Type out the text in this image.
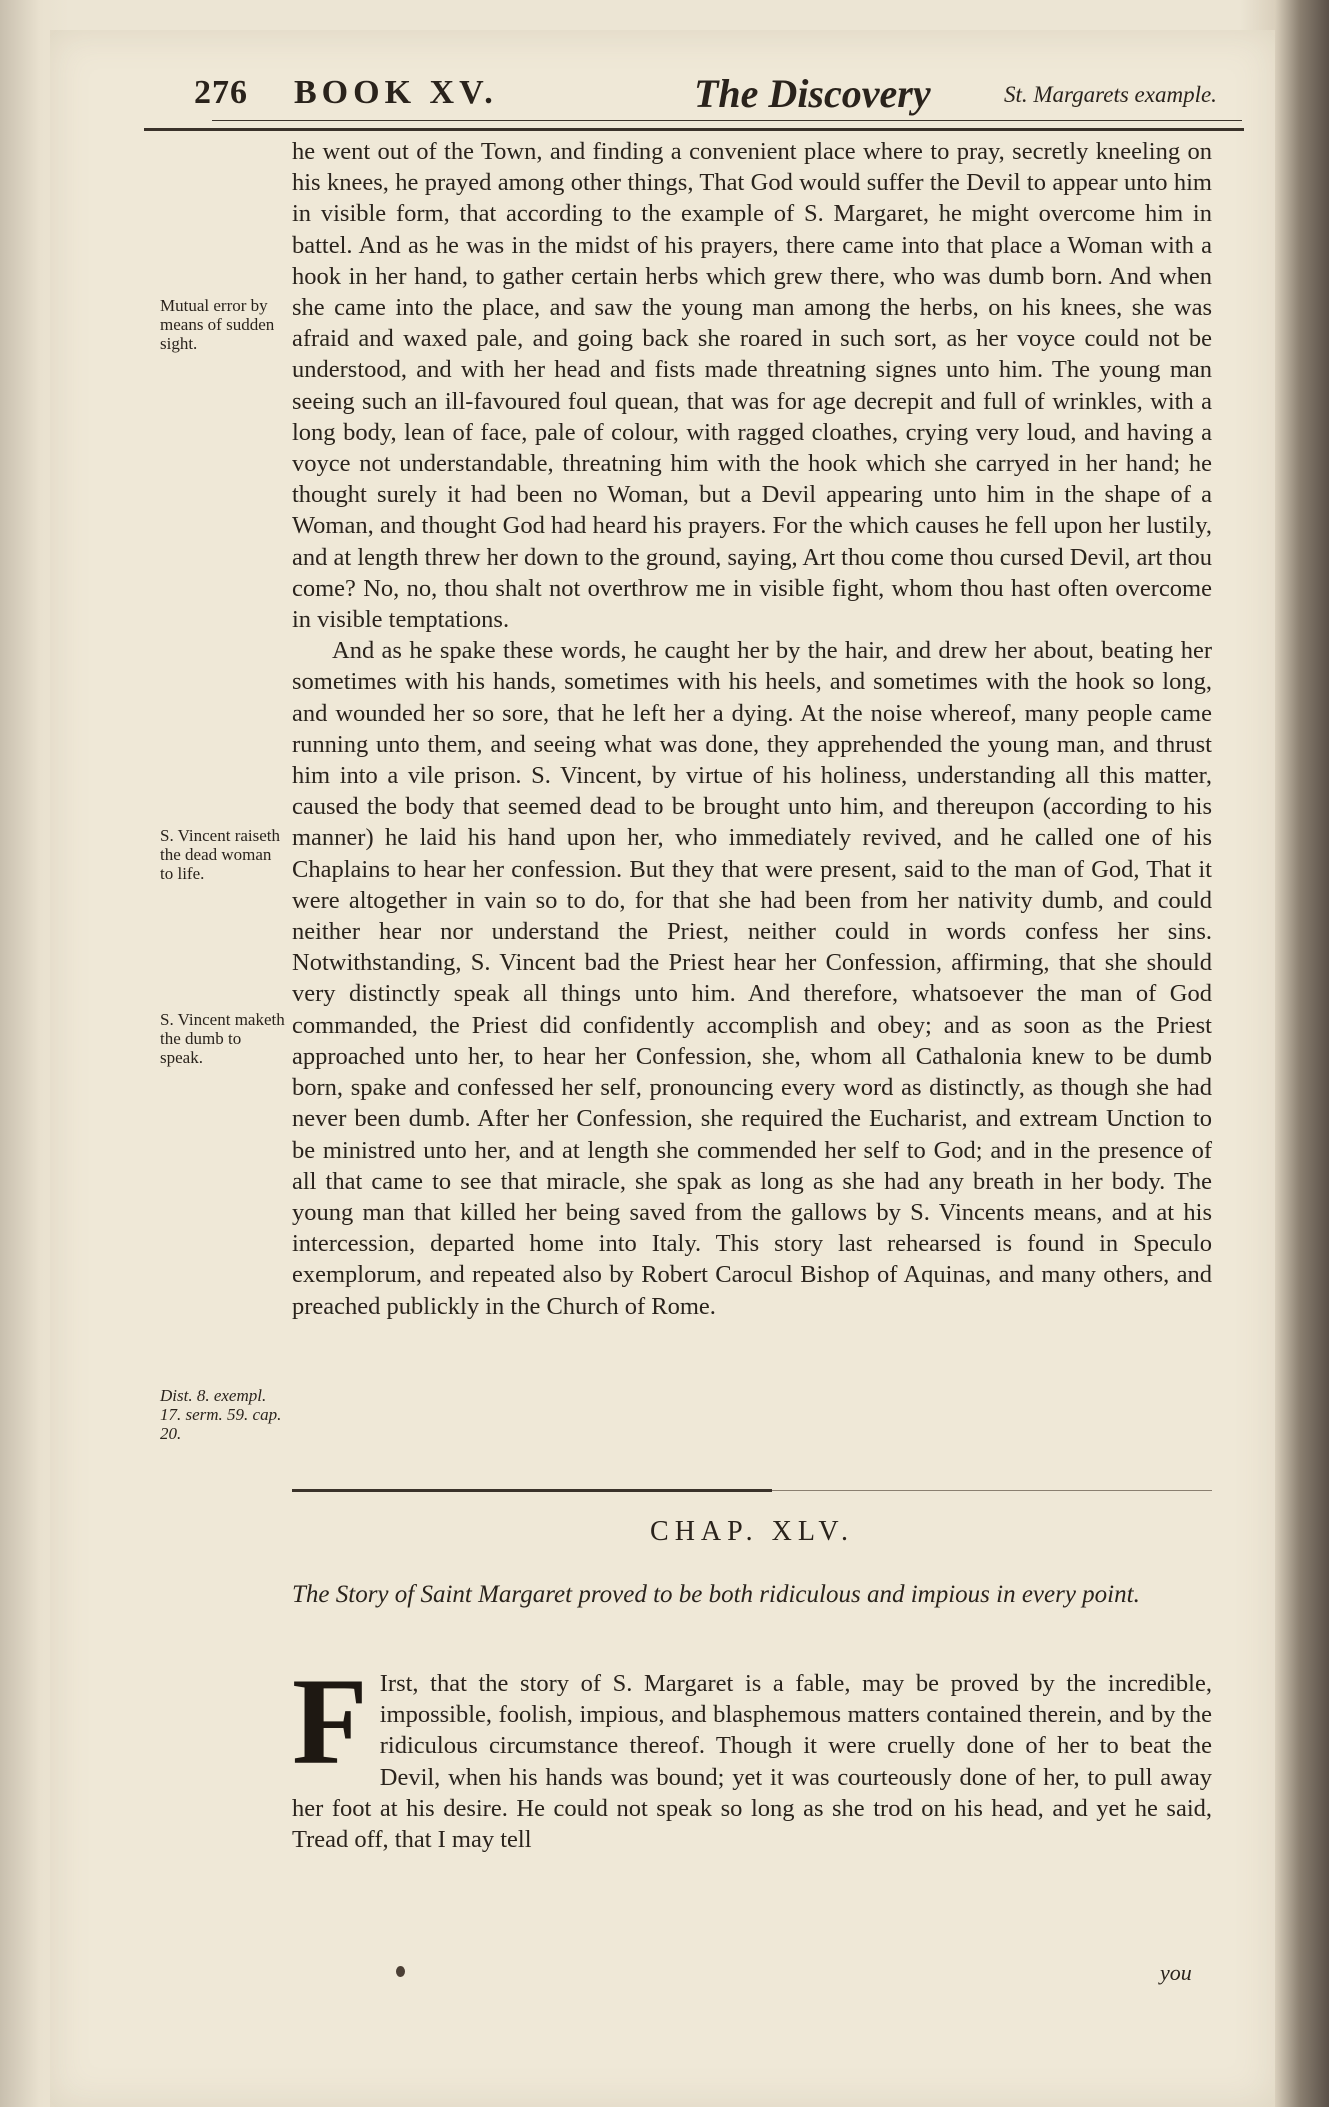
276 BOOK XV.	The Discovery	St. Margarets example.
Mutual error by means of sudden sight.
S. Vincent raiseth the dead woman to life.
S. Vincent maketh the dumb to speak.
Dist. 8. exempl. 17. serm. 59. cap. 20.

he went out of the Town, and finding a convenient place where to pray, secretly kneeling on his knees, he prayed among other things, That God would suffer the Devil to appear unto him in visible form, that according to the example of S. Margaret, he might overcome him in battel. And as he was in the midst of his prayers, there came into that place a Woman with a hook in her hand, to gather certain herbs which grew there, who was dumb born. And when she came into the place, and saw the young man among the herbs, on his knees, she was afraid and waxed pale, and going back she roared in such sort, as her voyce could not be understood, and with her head and fists made threatning signes unto him. The young man seeing such an ill-favoured foul quean, that was for age decrepit and full of wrinkles, with a long body, lean of face, pale of colour, with ragged cloathes, crying very loud, and having a voyce not understandable, threatning him with the hook which she carryed in her hand; he thought surely it had been no Woman, but a Devil appearing unto him in the shape of a Woman, and thought God had heard his prayers. For the which causes he fell upon her lustily, and at length threw her down to the ground, saying, Art thou come thou cursed Devil, art thou come? No, no, thou shalt not overthrow me in visible fight, whom thou hast often overcome in visible temptations.

And as he spake these words, he caught her by the hair, and drew her about, beating her sometimes with his hands, sometimes with his heels, and sometimes with the hook so long, and wounded her so sore, that he left her a dying. At the noise whereof, many people came running unto them, and seeing what was done, they apprehended the young man, and thrust him into a vile prison. S. Vincent, by virtue of his holiness, understanding all this matter, caused the body that seemed dead to be brought unto him, and thereupon (according to his manner) he laid his hand upon her, who immediately revived, and he called one of his Chaplains to hear her confession. But they that were present, said to the man of God, That it were altogether in vain so to do, for that she had been from her nativity dumb, and could neither hear nor understand the Priest, neither could in words confess her sins. Notwithstanding, S. Vincent bad the Priest hear her Confession, affirming, that she should very distinctly speak all things unto him. And therefore, whatsoever the man of God commanded, the Priest did confidently accomplish and obey; and as soon as the Priest approached unto her, to hear her Confession, she, whom all Cathalonia knew to be dumb born, spake and confessed her self, pronouncing every word as distinctly, as though she had never been dumb. After her Confession, she required the Eucharist, and extream Unction to be ministred unto her, and at length she commended her self to God; and in the presence of all that came to see that miracle, she spak as long as she had any breath in her body. The young man that killed her being saved from the gallows by S. Vincents means, and at his intercession, departed home into Italy. This story last rehearsed is found in Speculo exemplorum, and repeated also by Robert Carocul Bishop of Aquinas, and many others, and preached publickly in the Church of Rome.

CHAP. XLV.
The Story of Saint Margaret proved to be both ridiculous and impious in every point.
F Irst, that the story of S. Margaret is a fable, may be proved by the incredible, impossible, foolish, impious, and blasphemous matters contained therein, and by the ridiculous circumstance thereof. Though it were cruelly done of her to beat the Devil, when his hands was bound; yet it was courteously done of her, to pull away her foot at his desire. He could not speak so long as she trod on his head, and yet he said, Tread off, that I may tell
you
